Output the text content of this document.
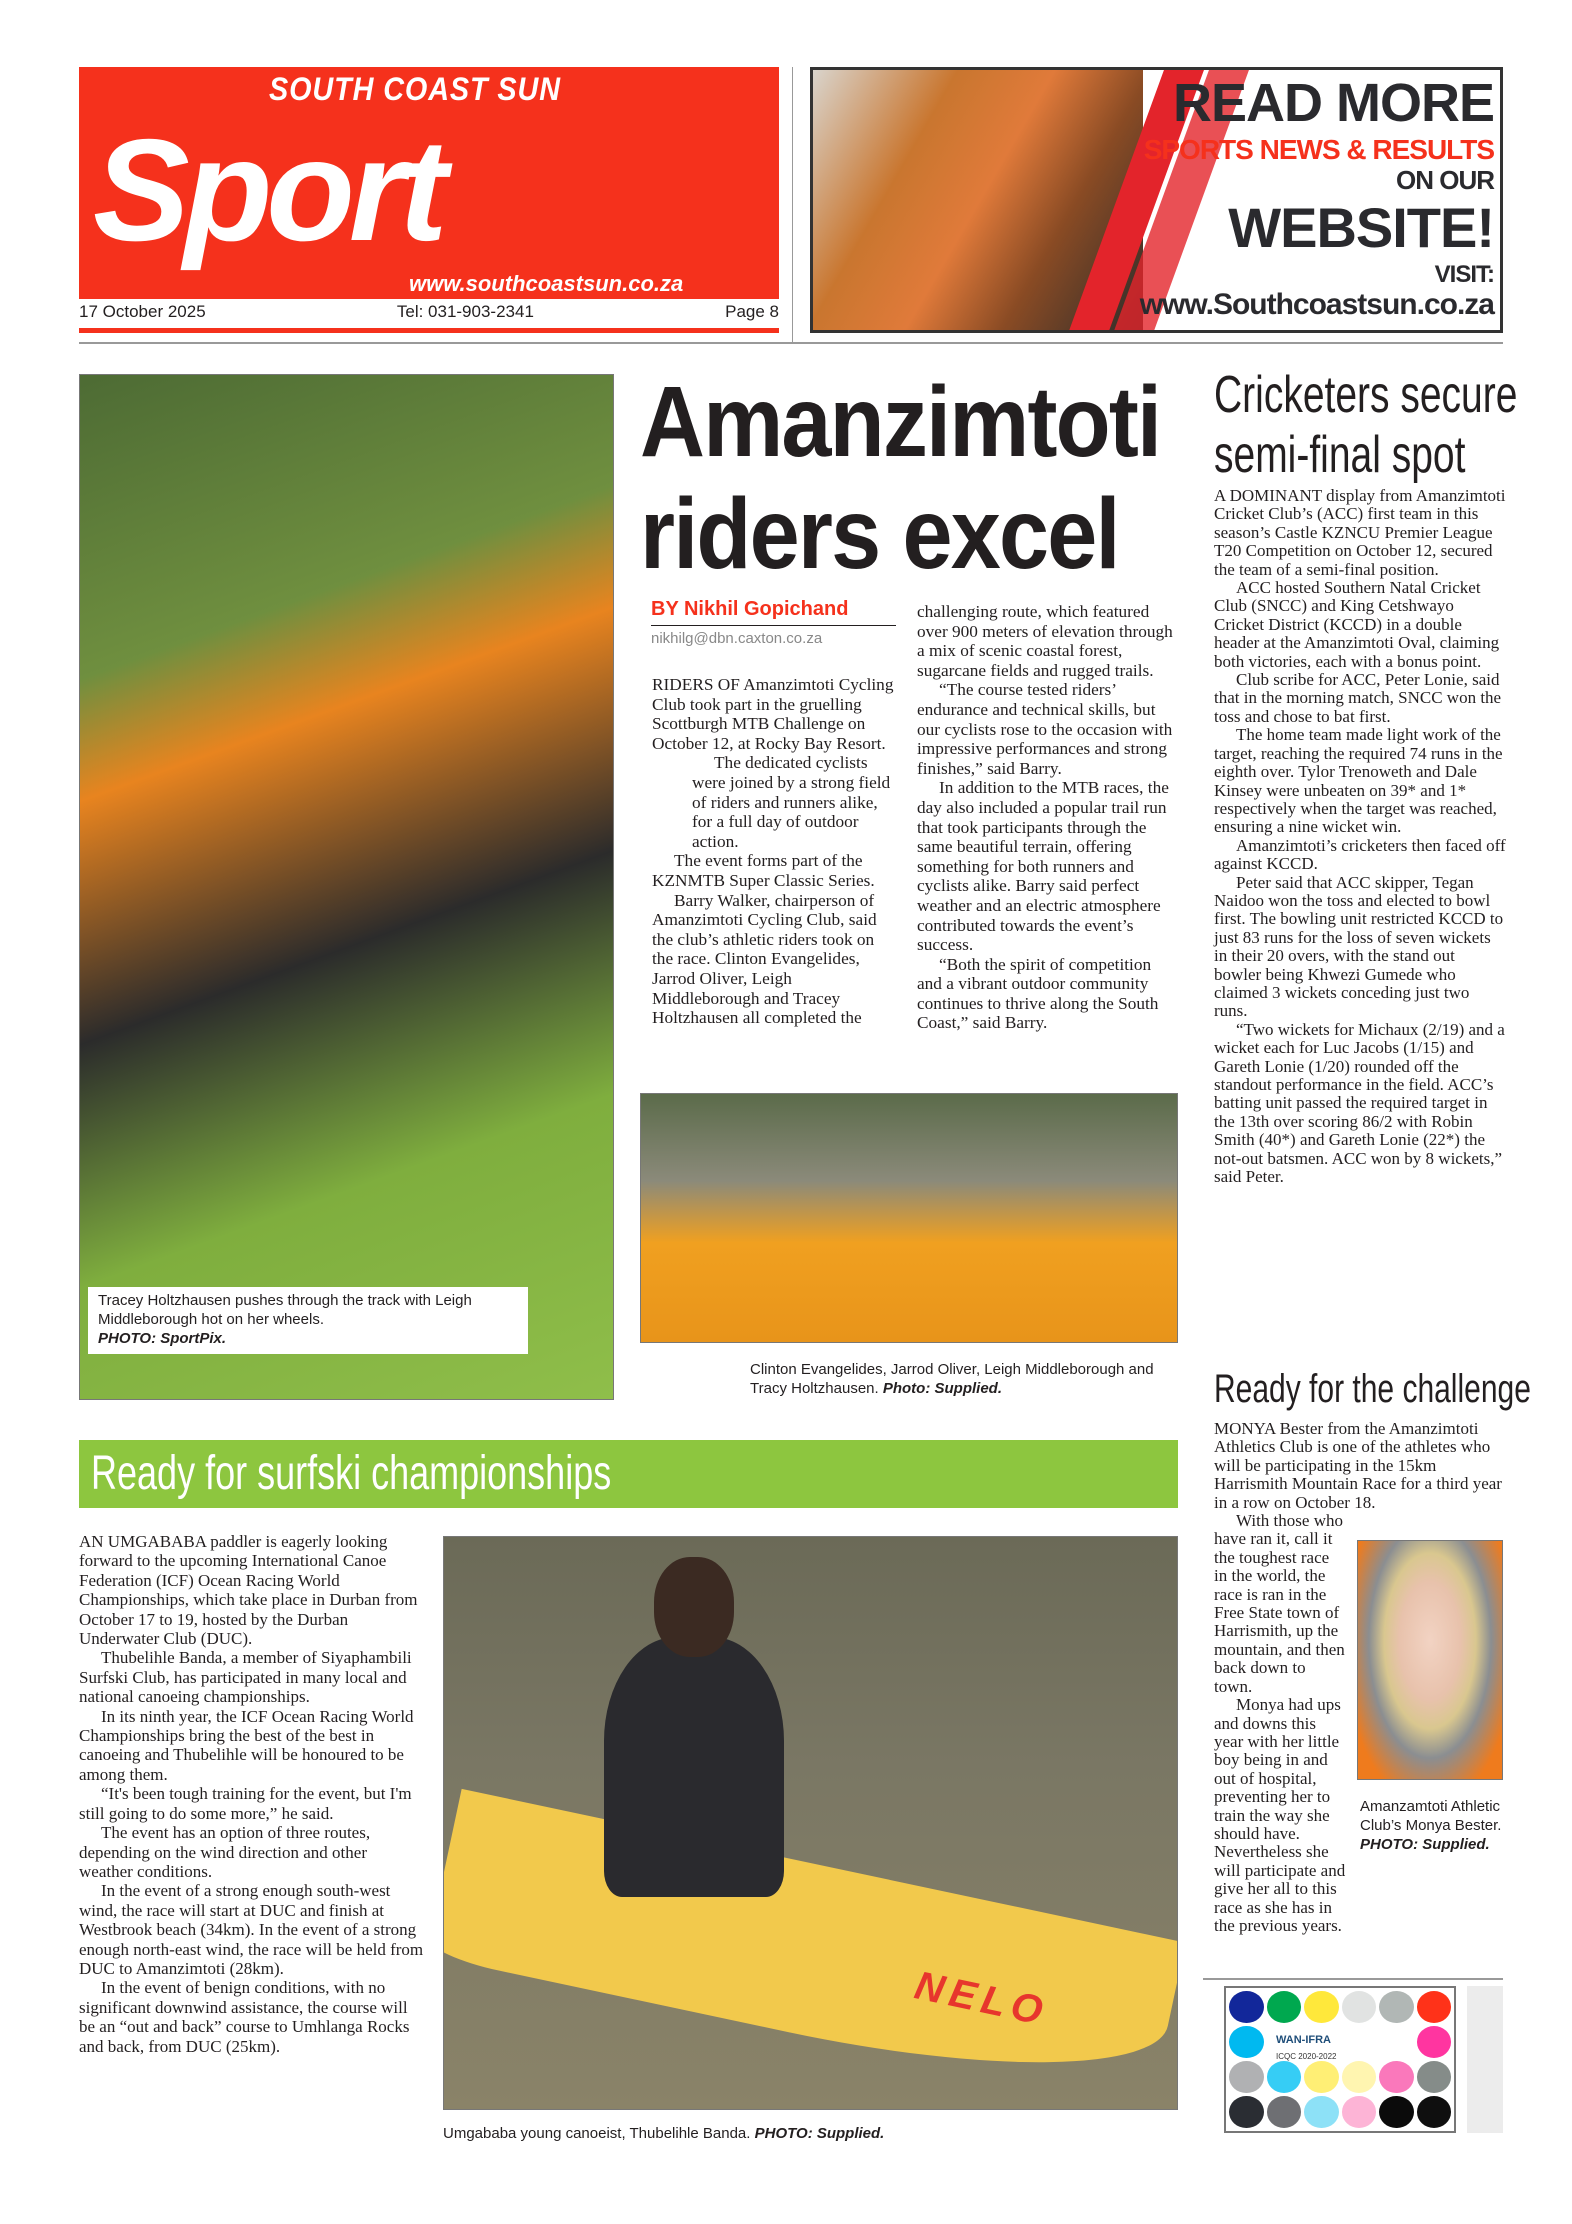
SOUTH COAST SUN
Sport
www.southcoastsun.co.za
17 October 2025	Tel: 031-903-2341	Page 8
READ MORE
SPORTS NEWS & RESULTS
ON OUR
WEBSITE!
VISIT:
www.Southcoastsun.co.za
Tracey Holtzhausen pushes through the track with Leigh Middleborough hot on her wheels.
PHOTO: SportPix.
Amanzimtoti
riders excel
BY Nikhil Gopichand
nikhilg@dbn.caxton.co.za

RIDERS OF Amanzimtoti Cycling Club took part in the gruelling Scottburgh MTB Challenge on October 12, at Rocky Bay Resort.

The dedicated cyclists were joined by a strong field of riders and runners alike, for a full day of outdoor action.

The event forms part of the KZNMTB Super Classic Series.

Barry Walker, chairperson of Amanzimtoti Cycling Club, said the club’s athletic riders took on the race. Clinton Evangelides, Jarrod Oliver, Leigh Middleborough and Tracey Holtzhausen all completed the

challenging route, which featured over 900 meters of elevation through a mix of scenic coastal forest, sugarcane fields and rugged trails.

“The course tested riders’ endurance and technical skills, but our cyclists rose to the occasion with impressive performances and strong finishes,” said Barry.

In addition to the MTB races, the day also included a popular trail run that took participants through the same beautiful terrain, offering something for both runners and cyclists alike. Barry said perfect weather and an electric atmosphere contributed towards the event’s success.

“Both the spirit of competition and a vibrant outdoor community continues to thrive along the South Coast,” said Barry.

Clinton Evangelides, Jarrod Oliver, Leigh Middleborough and Tracy Holtzhausen. Photo: Supplied.
Cricketers secure
semi-final spot

A DOMINANT display from Amanzimtoti Cricket Club’s (ACC) first team in this season’s Castle KZNCU Premier League T20 Competition on October 12, secured the team of a semi-final position.

ACC hosted Southern Natal Cricket Club (SNCC) and King Cetshwayo Cricket District (KCCD) in a double header at the Amanzimtoti Oval, claiming both victories, each with a bonus point.

Club scribe for ACC, Peter Lonie, said that in the morning match, SNCC won the toss and chose to bat first.

The home team made light work of the target, reaching the required 74 runs in the eighth over. Tylor Trenoweth and Dale Kinsey were unbeaten on 39* and 1* respectively when the target was reached, ensuring a nine wicket win.

Amanzimtoti’s cricketers then faced off against KCCD.

Peter said that ACC skipper, Tegan Naidoo won the toss and elected to bowl first. The bowling unit restricted KCCD to just 83 runs for the loss of seven wickets in their 20 overs, with the stand out bowler being Khwezi Gumede who claimed 3 wickets conceding just two runs.

“Two wickets for Michaux (2/19) and a wicket each for Luc Jacobs (1/15) and Gareth Lonie (1/20) rounded off the standout performance in the field. ACC’s batting unit passed the required target in the 13th over scoring 86/2 with Robin Smith (40*) and Gareth Lonie (22*) the not-out batsmen. ACC won by 8 wickets,” said Peter.

Ready for the challenge

MONYA Bester from the Amanzimtoti Athletics Club is one of the athletes who will be participating in the 15km Harrismith Mountain Race for a third year in a row on October 18.

With those who have ran it, call it the toughest race in the world, the race is ran in the Free State town of Harrismith, up the mountain, and then back down to town.

Monya had ups and downs this year with her little boy being in and out of hospital, preventing her to train the way she should have. Nevertheless she will participate and give her all to this race as she has in the previous years.

Amanzamtoti Athletic Club’s Monya Bester.
PHOTO: Supplied.
Ready for surfski championships

AN UMGABABA paddler is eagerly looking forward to the upcoming International Canoe Federation (ICF) Ocean Racing World Championships, which take place in Durban from October 17 to 19, hosted by the Durban Underwater Club (DUC).

Thubelihle Banda, a member of Siyaphambili Surfski Club, has participated in many local and national canoeing championships.

In its ninth year, the ICF Ocean Racing World Championships bring the best of the best in canoeing and Thubelihle will be honoured to be among them.

“It's been tough training for the event, but I'm still going to do some more,” he said.

The event has an option of three routes, depending on the wind direction and other weather conditions.

In the event of a strong enough south-west wind, the race will start at DUC and finish at Westbrook beach (34km). In the event of a strong enough north-east wind, the race will be held from DUC to Amanzimtoti (28km).

In the event of benign conditions, with no significant downwind assistance, the course will be an “out and back” course to Umhlanga Rocks and back, from DUC (25km).

NELO
Umgababa young canoeist, Thubelihle Banda. PHOTO: Supplied.
WAN-IFRA
ICQC 2020-2022
